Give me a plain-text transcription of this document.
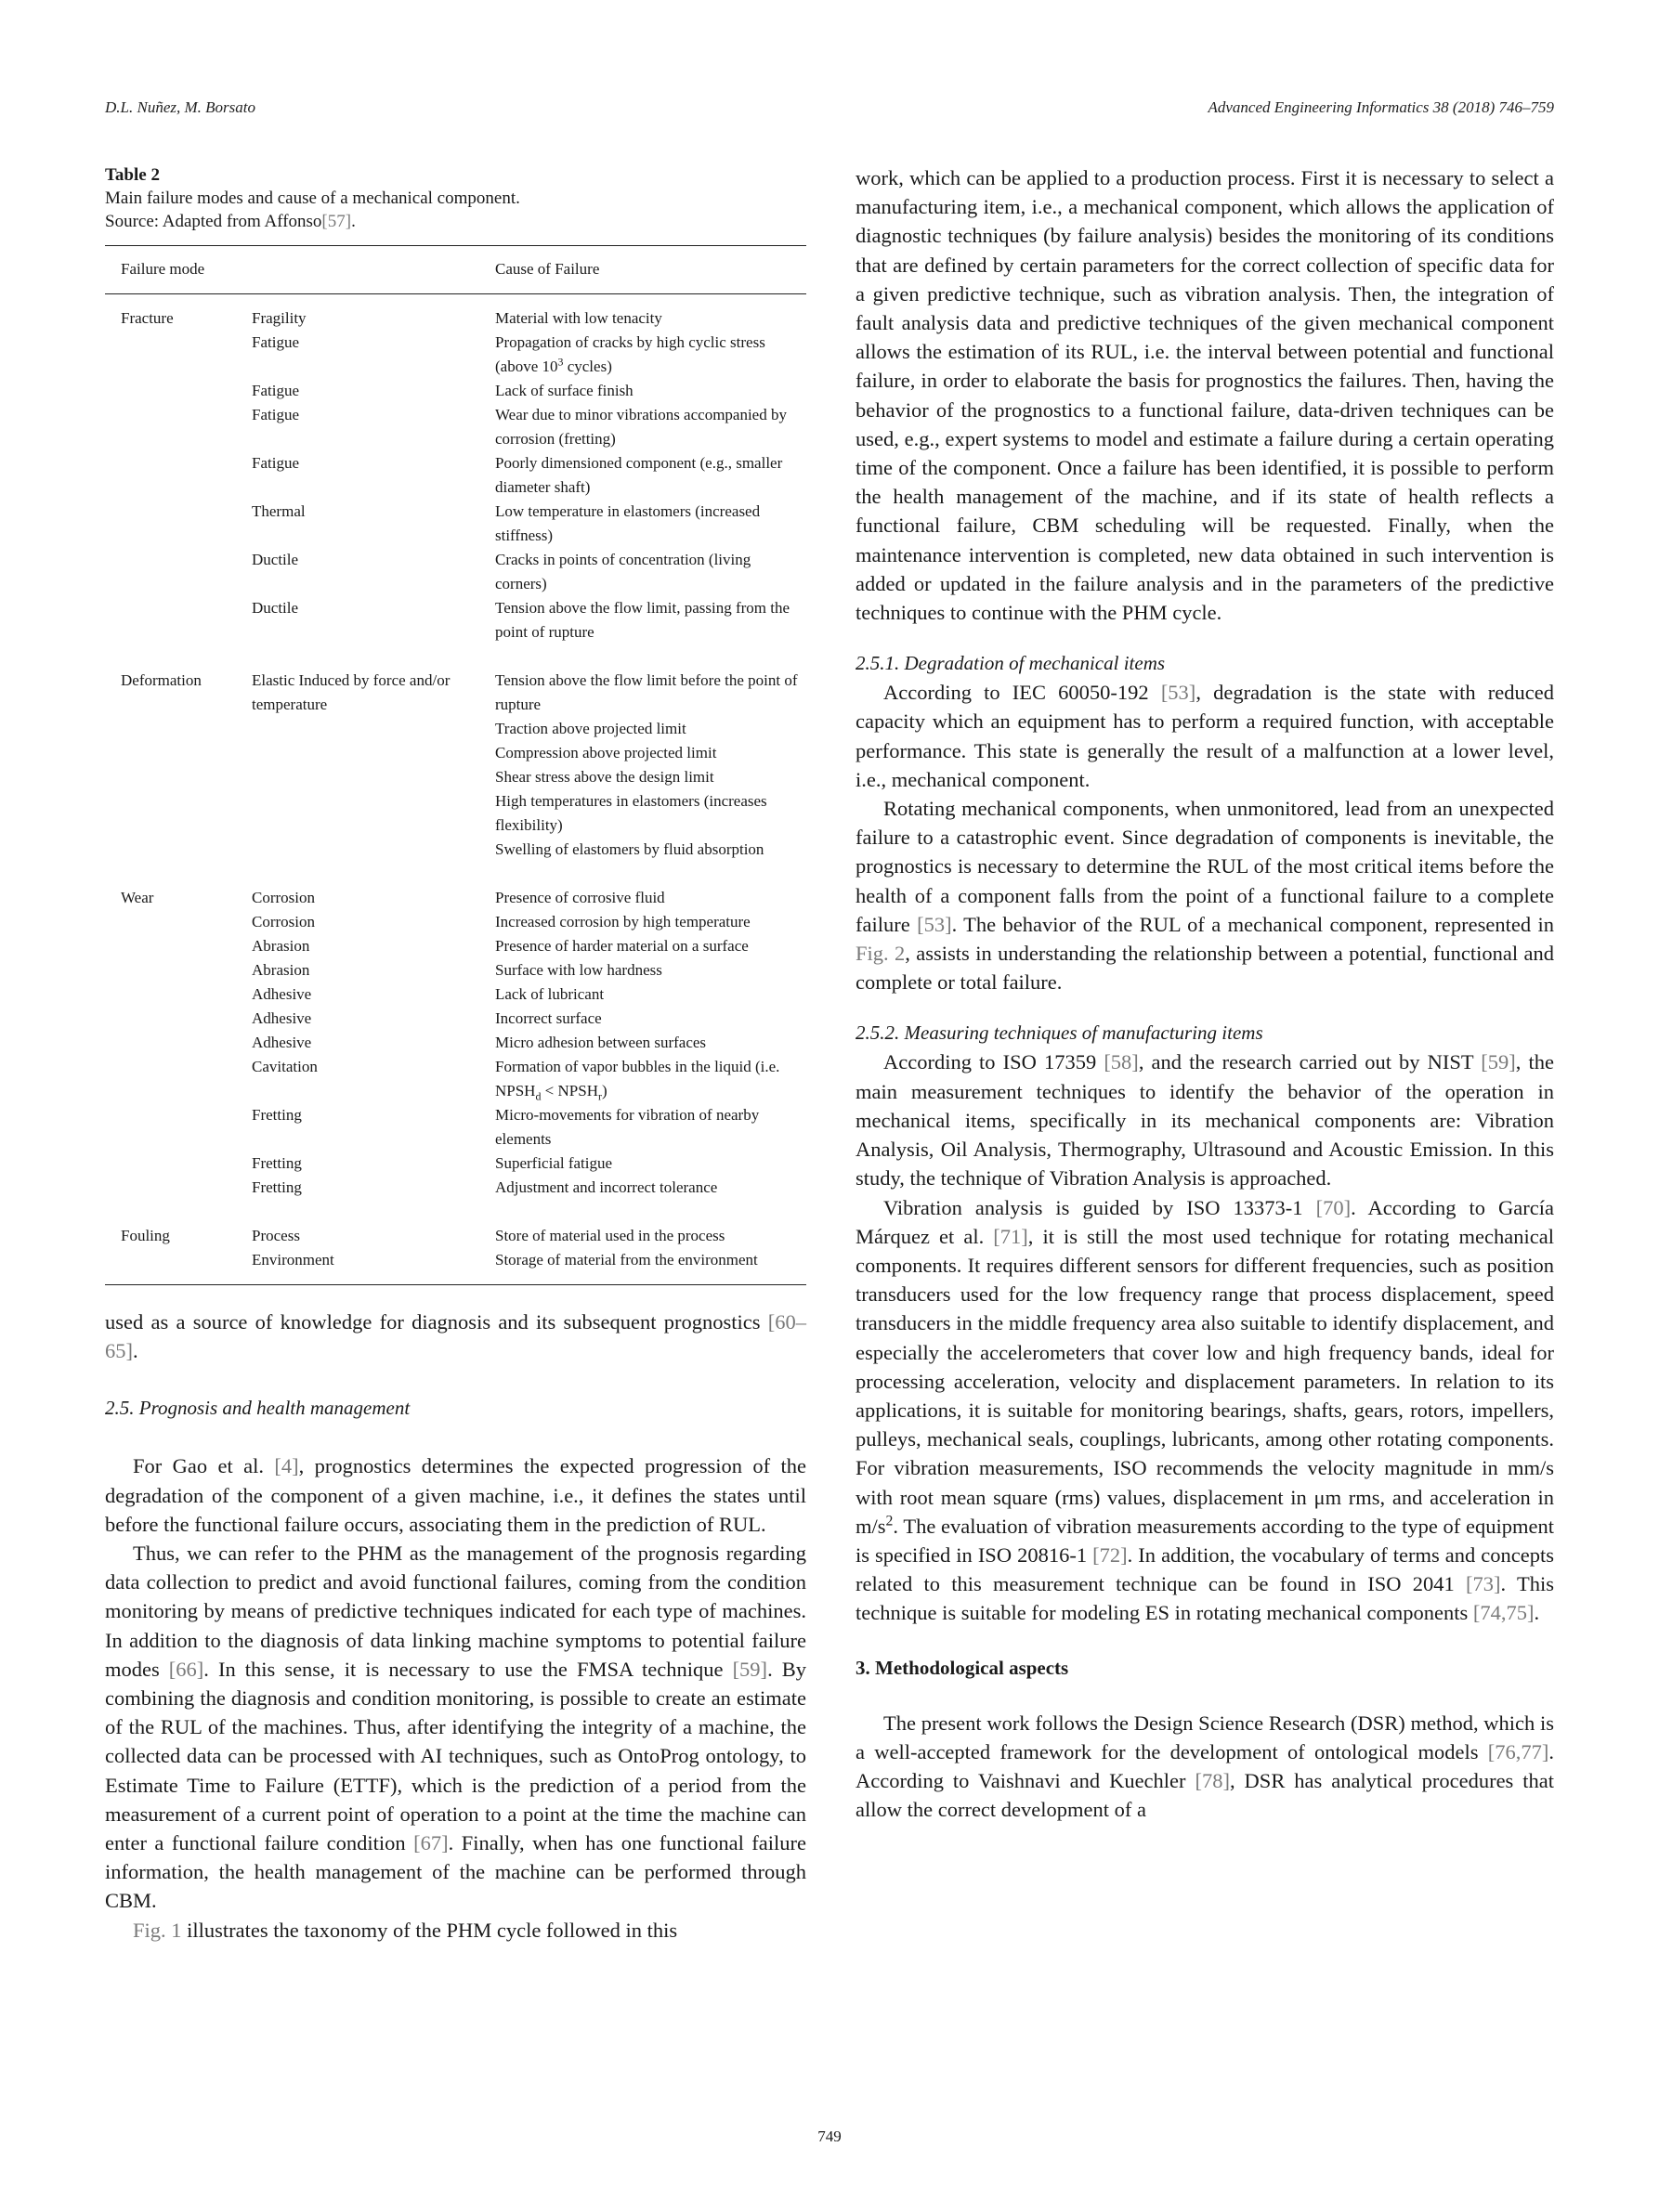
D.L. Nuñez, M. Borsato	Advanced Engineering Informatics 38 (2018) 746–759
Table 2
Main failure modes and cause of a mechanical component.
Source: Adapted from Affonso[57].
Failure mode		Cause of Failure
Fracture	Fragility	Material with low tenacity
	Fatigue	Propagation of cracks by high cyclic stress (above $10^3$ cycles)
	Fatigue	Lack of surface finish
	Fatigue	Wear due to minor vibrations accompanied by corrosion (fretting)
	Fatigue	Poorly dimensioned component (e.g., smaller diameter shaft)
	Thermal	Low temperature in elastomers (increased stiffness)
	Ductile	Cracks in points of concentration (living corners)
	Ductile	Tension above the flow limit, passing from the point of rupture
Deformation	Elastic Induced by force and/or temperature	Tension above the flow limit before the point of rupture
		Traction above projected limit
		Compression above projected limit
		Shear stress above the design limit
		High temperatures in elastomers (increases flexibility)
		Swelling of elastomers by fluid absorption
Wear	Corrosion	Presence of corrosive fluid
	Corrosion	Increased corrosion by high temperature
	Abrasion	Presence of harder material on a surface
	Abrasion	Surface with low hardness
	Adhesive	Lack of lubricant
	Adhesive	Incorrect surface
	Adhesive	Micro adhesion between surfaces
	Cavitation	Formation of vapor bubbles in the liquid (i.e. $NPSH_d$ < $NPSH_r$)
	Fretting	Micro-movements for vibration of nearby elements
	Fretting	Superficial fatigue
	Fretting	Adjustment and incorrect tolerance
Fouling	Process	Store of material used in the process
	Environment	Storage of material from the environment

used as a source of knowledge for diagnosis and its subsequent prognostics [60–65].

2.5. Prognosis and health management

For Gao et al. [4], prognostics determines the expected progression of the degradation of the component of a given machine, i.e., it defines the states until before the functional failure occurs, associating them in the prediction of RUL.

Thus, we can refer to the PHM as the management of the prognosis regarding data collection to predict and avoid functional failures, coming from the condition monitoring by means of predictive techniques indicated for each type of machines. In addition to the diagnosis of data linking machine symptoms to potential failure modes [66]. In this sense, it is necessary to use the FMSA technique [59]. By combining the diagnosis and condition monitoring, is possible to create an estimate of the RUL of the machines. Thus, after identifying the integrity of a machine, the collected data can be processed with AI techniques, such as OntoProg ontology, to Estimate Time to Failure (ETTF), which is the prediction of a period from the measurement of a current point of operation to a point at the time the machine can enter a functional failure condition [67]. Finally, when has one functional failure information, the health management of the machine can be performed through CBM.

Fig. 1 illustrates the taxonomy of the PHM cycle followed in this

work, which can be applied to a production process. First it is necessary to select a manufacturing item, i.e., a mechanical component, which allows the application of diagnostic techniques (by failure analysis) besides the monitoring of its conditions that are defined by certain parameters for the correct collection of specific data for a given predictive technique, such as vibration analysis. Then, the integration of fault analysis data and predictive techniques of the given mechanical component allows the estimation of its RUL, i.e. the interval between potential and functional failure, in order to elaborate the basis for prognostics the failures. Then, having the behavior of the prognostics to a functional failure, data-driven techniques can be used, e.g., expert systems to model and estimate a failure during a certain operating time of the component. Once a failure has been identified, it is possible to perform the health management of the machine, and if its state of health reflects a functional failure, CBM scheduling will be requested. Finally, when the maintenance intervention is completed, new data obtained in such intervention is added or updated in the failure analysis and in the parameters of the predictive techniques to continue with the PHM cycle.

2.5.1. Degradation of mechanical items

According to IEC 60050-192 [53], degradation is the state with reduced capacity which an equipment has to perform a required function, with acceptable performance. This state is generally the result of a malfunction at a lower level, i.e., mechanical component.

Rotating mechanical components, when unmonitored, lead from an unexpected failure to a catastrophic event. Since degradation of components is inevitable, the prognostics is necessary to determine the RUL of the most critical items before the health of a component falls from the point of a functional failure to a complete failure [53]. The behavior of the RUL of a mechanical component, represented in Fig. 2, assists in understanding the relationship between a potential, functional and complete or total failure.

2.5.2. Measuring techniques of manufacturing items

According to ISO 17359 [58], and the research carried out by NIST [59], the main measurement techniques to identify the behavior of the operation in mechanical items, specifically in its mechanical components are: Vibration Analysis, Oil Analysis, Thermography, Ultrasound and Acoustic Emission. In this study, the technique of Vibration Analysis is approached.

Vibration analysis is guided by ISO 13373-1 [70]. According to García Márquez et al. [71], it is still the most used technique for rotating mechanical components. It requires different sensors for different frequencies, such as position transducers used for the low frequency range that process displacement, speed transducers in the middle frequency area also suitable to identify displacement, and especially the accelerometers that cover low and high frequency bands, ideal for processing acceleration, velocity and displacement parameters. In relation to its applications, it is suitable for monitoring bearings, shafts, gears, rotors, impellers, pulleys, mechanical seals, couplings, lubricants, among other rotating components. For vibration measurements, ISO recommends the velocity magnitude in mm/s with root mean square (rms) values, displacement in μm rms, and acceleration in $m/s^2$. The evaluation of vibration measurements according to the type of equipment is specified in ISO 20816-1 [72]. In addition, the vocabulary of terms and concepts related to this measurement technique can be found in ISO 2041 [73]. This technique is suitable for modeling ES in rotating mechanical components [74,75].

3. Methodological aspects

The present work follows the Design Science Research (DSR) method, which is a well-accepted framework for the development of ontological models [76,77]. According to Vaishnavi and Kuechler [78], DSR has analytical procedures that allow the correct development of a

749
